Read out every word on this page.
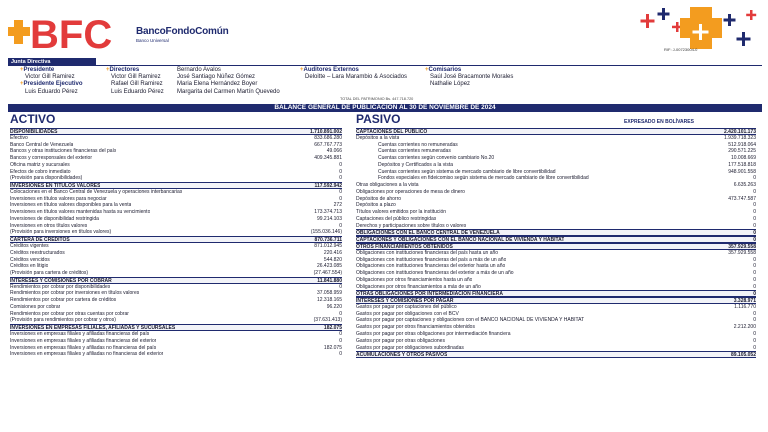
BFC BancoFondoComún
Banco Universal
RIF: J-00723004-0
Junta Directiva
+Presidente
Victor Gill Ramirez
+Presidente Ejecutivo
Luis Eduardo Pérez
+Directores
Victor Gill Ramirez
Rafael Gill Ramirez
Luis Eduardo Pérez
Bernardo Avalos
José Santiago Núñez Gómez
Maria Elena Hernández Boyer
Margarita del Carmen Martín Quevedo
+Auditores Externos
Deloitte – Lara Marambio & Asociados
+Comisarios
Saúl José Bracamonte Morales
Nathalie López
TOTAL DEL PATRIMONIO Bs. 447.718.720
BALANCE GENERAL DE PUBLICACIÓN AL 30 DE NOVIEMBRE DE 2024
ACTIVO	PASIVO	EXPRESADO EN BOLÍVARES
DISPONIBILIDADES	1.710.891.002
Efectivo	833.686.280
Banco Central de Venezuela	667.767.773
Bancos y otras instituciones financieras del país	49.066
Bancos y corresponsales del exterior	409.345.881
Oficina matriz y sucursales	0
Efectos de cobro inmediato	0
(Provisión para disponibilidades)	0
INVERSIONES EN TÍTULOS VALORES	117.592.942
Colocaciones en el Banco Central de Venezuela y operaciones interbancarias	0
Inversiones en títulos valores para negociar	0
Inversiones en títulos valores disponibles para la venta	272
Inversiones en títulos valores mantenidas hasta su vencimiento	173.374.713
Inversiones de disponibilidad restringida	99.214.103
Inversiones en otros títulos valores	0
(Provisión para inversiones en títulos valores)	(155.036.146)
CARTERA DE CRÉDITOS	870.736.711
Créditos vigentes	871.012.945
Créditos reestructurados	220.416
Créditos vencidos	544.820
Créditos en litigio	26.423.085
(Provisión para cartera de créditos)	(27.467.554)
INTERESES Y COMISIONES POR COBRAR	11.841.880
Rendimientos por cobrar por disponibilidades	0
Rendimientos por cobrar por inversiones en títulos valores	37.058.959
Rendimientos por cobrar por cartera de créditos	12.318.165
Comisiones por cobrar	96.220
Rendimientos por cobrar por otras cuentas por cobrar	0
(Provisión para rendimientos por cobrar y otros)	(37.631.413)
INVERSIONES EN EMPRESAS FILIALES, AFILIADAS Y SUCURSALES	182.075
Inversiones en empresas filiales y afiliadas financieras del país	0
Inversiones en empresas filiales y afiliadas financieras del exterior	0
Inversiones en empresas filiales y afiliadas no financieras del país	182.075
Inversiones en empresas filiales y afiliadas no financieras del exterior	0
CAPTACIONES DEL PÚBLICO	2.420.101.173
Depósitos a la vista	1.939.718.323
Cuentas corrientes no remuneradas	512.918.064
Cuentas corrientes remuneradas	290.571.225
Cuentas corrientes según convenio cambiario No.20	10.008.669
Depósitos y Certificados a la vista	177.518.818
Cuentas corrientes según sistema de mercado cambiario de libre convertibilidad	948.901.558
Fondos especiales en fideicomiso según sistema de mercado cambiario de libre convertibilidad	0
Otras obligaciones a la vista	6.635.263
Obligaciones por operaciones de mesa de dinero	0
Depósitos de ahorro	473.747.587
Depósitos a plazo	0
Títulos valores emitidos por la institución	0
Captaciones del público restringidas	0
Derechos y participaciones sobre títulos o valores	0
OBLIGACIONES CON EL BANCO CENTRAL DE VENEZUELA	0
CAPTACIONES Y OBLIGACIONES CON EL BANCO NACIONAL DE VIVIENDA Y HABITAT	0
OTROS FINANCIAMIENTOS OBTENIDOS	357.929.558
Obligaciones con instituciones financieras del país hasta un año	357.929.558
Obligaciones con instituciones financieras del país a más de un año	0
Obligaciones con instituciones financieras del exterior hasta un año	0
Obligaciones con instituciones financieras del exterior a más de un año	0
Obligaciones por otros financiamientos hasta un año	0
Obligaciones por otros financiamientos a más de un año	0
OTRAS OBLIGACIONES POR INTERMEDIACIÓN FINANCIERA	0
INTERESES Y COMISIONES POR PAGAR	3.328.971
Gastos por pagar por captaciones del público	1.116.770
Gastos por pagar por obligaciones con el BCV	0
Gastos por pagar por captaciones y obligaciones con el BANCO NACIONAL DE VIVIENDA Y HABITAT	0
Gastos por pagar por otros financiamientos obtenidos	2.212.200
Gastos por pagar por otras obligaciones por intermediación financiera	0
Gastos por pagar por otras obligaciones	0
Gastos por pagar por obligaciones subordinadas	0
ACUMULACIONES Y OTROS PASIVOS	89.105.052
